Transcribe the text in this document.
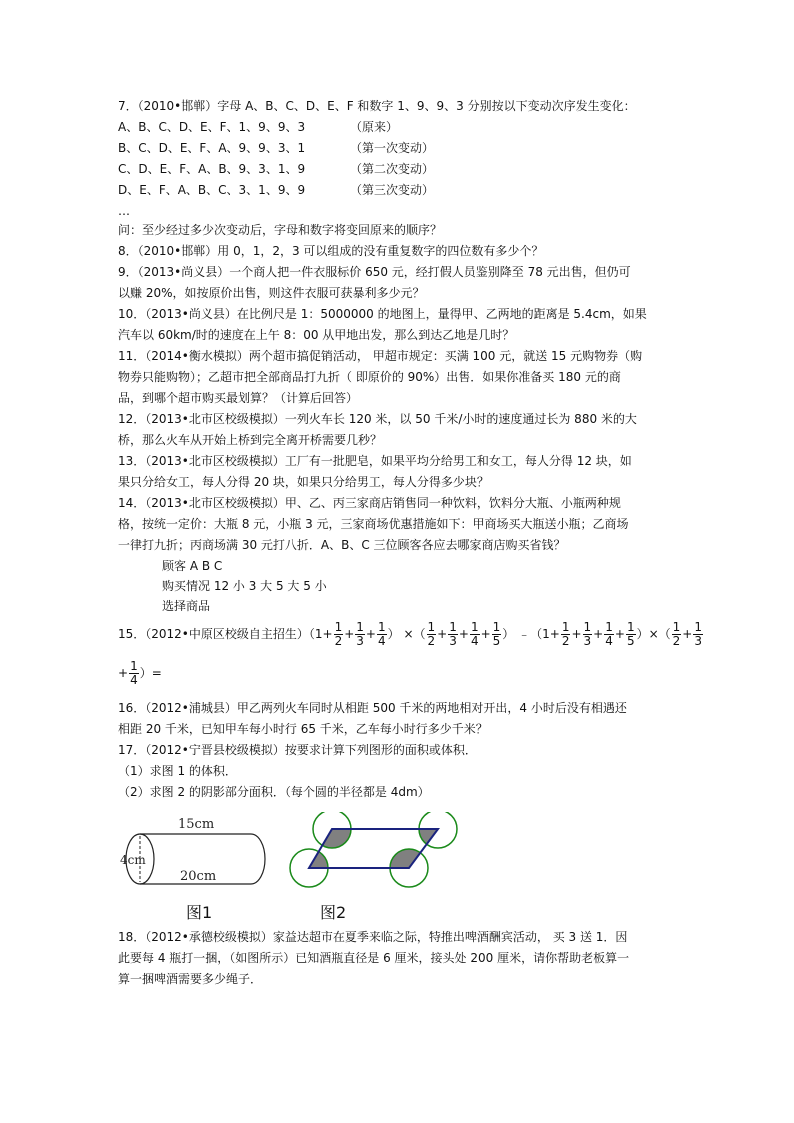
7．（2010•邯郸）字母 A、B、C、D、E、F 和数字 1、9、9、3 分别按以下变动次序发生变化：
A、B、C、D、E、F、1、9、9、3	（原来）
B、C、D、E、F、A、9、9、3、1	（第一次变动）
C、D、E、F、A、B、9、3、1、9	（第二次变动）
D、E、F、A、B、C、3、1、9、9	（第三次变动）
…
问：至少经过多少次变动后，字母和数字将变回原来的顺序？
8．（2010•邯郸）用 0，1，2，3 可以组成的没有重复数字的四位数有多少个？
9．（2013•尚义县）一个商人把一件衣服标价 650 元，经打假人员鉴别降至 78 元出售，但仍可
以赚 20%，如按原价出售，则这件衣服可获暴利多少元？
10．（2013•尚义县）在比例尺是 1：5000000 的地图上，量得甲、乙两地的距离是 5.4cm，如果
汽车以 60km/时的速度在上午 8：00 从甲地出发，那么到达乙地是几时？
11．（2014•衡水模拟）两个超市搞促销活动， 甲超市规定：买满 100 元，就送 15 元购物券（购
物券只能购物）；乙超市把全部商品打九折（ 即原价的 90%）出售．如果你准备买 180 元的商
品，到哪个超市购买最划算？（计算后回答）
12．（2013•北市区校级模拟）一列火车长 120 米，以 50 千米/小时的速度通过长为 880 米的大
桥，那么火车从开始上桥到完全离开桥需要几秒？
13．（2013•北市区校级模拟）工厂有一批肥皂，如果平均分给男工和女工，每人分得 12 块，如
果只分给女工，每人分得 20 块，如果只分给男工，每人分得多少块？
14．（2013•北市区校级模拟）甲、乙、丙三家商店销售同一种饮料，饮料分大瓶、小瓶两种规
格，按统一定价：大瓶 8 元，小瓶 3 元，三家商场优惠措施如下：甲商场买大瓶送小瓶；乙商场
一律打九折；丙商场满 30 元打八折．A、B、C 三位顾客各应去哪家商店购买省钱？
顾客 A B C
购买情况 12 小 3 大 5 大 5 小
选择商品
15．（2012•中原区校级自主招生）（$1+ \frac{1}{2} + \frac{1}{3} + \frac{1}{4}$ ） ×（ $\frac{1}{2} + \frac{1}{3} + \frac{1}{4} + \frac{1}{5}$ ） ﹣（1+ $\frac{1}{2} + \frac{1}{3} + \frac{1}{4} + \frac{1}{5}$ ）×（ $\frac{1}{2} + \frac{1}{3}$
+ $\frac{1}{4}$ ）=
16．（2012•浦城县）甲乙两列火车同时从相距 500 千米的两地相对开出，4 小时后没有相遇还
相距 20 千米，已知甲车每小时行 65 千米，乙车每小时行多少千米？
17．（2012•宁晋县校级模拟）按要求计算下列图形的面积或体积．
（1）求图 1 的体积．
（2）求图 2 的阴影部分面积．（每个圆的半径都是 4dm）
15cm
4cm
20cm
图1	图2
18．（2012•承德校级模拟）家益达超市在夏季来临之际，特推出啤酒酬宾活动， 买 3 送 1．因
此要每 4 瓶打一捆，（如图所示）已知酒瓶直径是 6 厘米，接头处 200 厘米，请你帮助老板算一
算一捆啤酒需要多少绳子．
